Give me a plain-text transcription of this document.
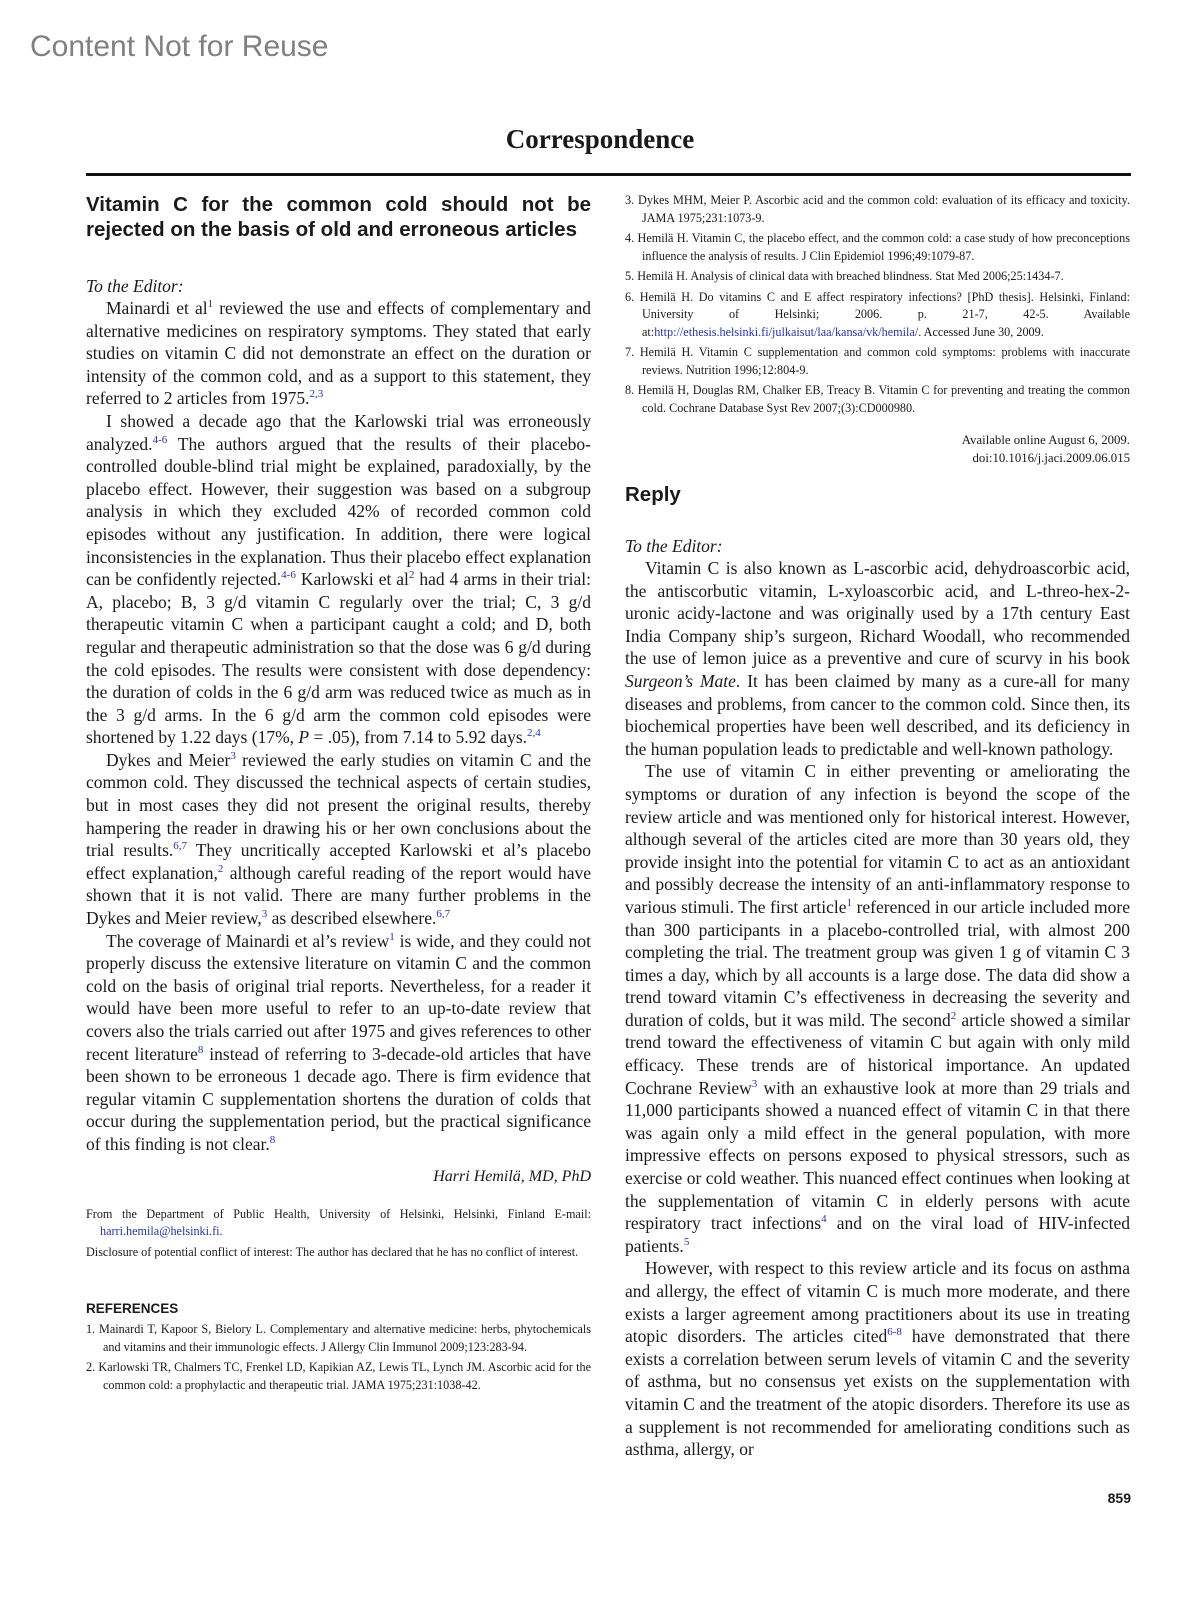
Content Not for Reuse
Correspondence
Vitamin C for the common cold should not be rejected on the basis of old and erroneous articles
To the Editor:

Mainardi et $al^1$ reviewed the use and effects of complementary and alternative medicines on respiratory symptoms. They stated that early studies on vitamin C did not demonstrate an effect on the duration or intensity of the common cold, and as a support to this statement, they referred to 2 articles from 1975.$^{2,3}$

I showed a decade ago that the Karlowski trial was erroneously analyzed.$^{4-6}$ The authors argued that the results of their placebo-controlled double-blind trial might be explained, paradoxially, by the placebo effect. However, their suggestion was based on a subgroup analysis in which they excluded 42% of recorded common cold episodes without any justification. In addition, there were logical inconsistencies in the explanation. Thus their placebo effect explanation can be confidently rejected.$^{4-6}$ Karlowski et $al^2$ had 4 arms in their trial: A, placebo; B, 3 g/d vitamin C regularly over the trial; C, 3 g/d therapeutic vitamin C when a participant caught a cold; and D, both regular and therapeutic administration so that the dose was 6 g/d during the cold episodes. The results were consistent with dose dependency: the duration of colds in the 6 g/d arm was reduced twice as much as in the 3 g/d arms. In the 6 g/d arm the common cold episodes were shortened by 1.22 days (17%, P = .05), from 7.14 to 5.92 days.$^{2,4}$

Dykes and Meier$^3$ reviewed the early studies on vitamin C and the common cold. They discussed the technical aspects of certain studies, but in most cases they did not present the original results, thereby hampering the reader in drawing his or her own conclusions about the trial results.$^{6,7}$ They uncritically accepted Karlowski et al’s placebo effect explanation,$^2$ although careful reading of the report would have shown that it is not valid. There are many further problems in the Dykes and Meier review,$^3$ as described elsewhere.$^{6,7}$

The coverage of Mainardi et al’s review$^1$ is wide, and they could not properly discuss the extensive literature on vitamin C and the common cold on the basis of original trial reports. Nevertheless, for a reader it would have been more useful to refer to an up-to-date review that covers also the trials carried out after 1975 and gives references to other recent literature$^8$ instead of referring to 3-decade-old articles that have been shown to be erroneous 1 decade ago. There is firm evidence that regular vitamin C supplementation shortens the duration of colds that occur during the supplementation period, but the practical significance of this finding is not clear.$^8$

Harri Hemilä, MD, PhD

From the Department of Public Health, University of Helsinki, Helsinki, Finland E-mail: harri.hemila@helsinki.fi.

Disclosure of potential conflict of interest: The author has declared that he has no conflict of interest.

REFERENCES
1. Mainardi T, Kapoor S, Bielory L. Complementary and alternative medicine: herbs, phytochemicals and vitamins and their immunologic effects. J Allergy Clin Immunol 2009;123:283-94.
2. Karlowski TR, Chalmers TC, Frenkel LD, Kapikian AZ, Lewis TL, Lynch JM. Ascorbic acid for the common cold: a prophylactic and therapeutic trial. JAMA 1975;231:1038-42.
3. Dykes MHM, Meier P. Ascorbic acid and the common cold: evaluation of its efficacy and toxicity. JAMA 1975;231:1073-9.
4. Hemilä H. Vitamin C, the placebo effect, and the common cold: a case study of how preconceptions influence the analysis of results. J Clin Epidemiol 1996;49:1079-87.
5. Hemilä H. Analysis of clinical data with breached blindness. Stat Med 2006;25:1434-7.
6. Hemilä H. Do vitamins C and E affect respiratory infections? [PhD thesis]. Helsinki, Finland: University of Helsinki; 2006. p. 21-7, 42-5. Available at:http://ethesis.helsinki.fi/julkaisut/laa/kansa/vk/hemila/. Accessed June 30, 2009.
7. Hemilä H. Vitamin C supplementation and common cold symptoms: problems with inaccurate reviews. Nutrition 1996;12:804-9.
8. Hemilä H, Douglas RM, Chalker EB, Treacy B. Vitamin C for preventing and treating the common cold. Cochrane Database Syst Rev 2007;(3):CD000980.
Available online August 6, 2009.
doi:10.1016/j.jaci.2009.06.015
Reply
To the Editor:

Vitamin C is also known as L-ascorbic acid, dehydroascorbic acid, the antiscorbutic vitamin, L-xyloascorbic acid, and L-threo-hex-2-uronic acidy-lactone and was originally used by a 17th century East India Company ship’s surgeon, Richard Woodall, who recommended the use of lemon juice as a preventive and cure of scurvy in his book Surgeon’s Mate. It has been claimed by many as a cure-all for many diseases and problems, from cancer to the common cold. Since then, its biochemical properties have been well described, and its deficiency in the human population leads to predictable and well-known pathology.

The use of vitamin C in either preventing or ameliorating the symptoms or duration of any infection is beyond the scope of the review article and was mentioned only for historical interest. However, although several of the articles cited are more than 30 years old, they provide insight into the potential for vitamin C to act as an antioxidant and possibly decrease the intensity of an anti-inflammatory response to various stimuli. The first article$^1$ referenced in our article included more than 300 participants in a placebo-controlled trial, with almost 200 completing the trial. The treatment group was given 1 g of vitamin C 3 times a day, which by all accounts is a large dose. The data did show a trend toward vitamin C’s effectiveness in decreasing the severity and duration of colds, but it was mild. The second$^2$ article showed a similar trend toward the effectiveness of vitamin C but again with only mild efficacy. These trends are of historical importance. An updated Cochrane Review$^3$ with an exhaustive look at more than 29 trials and 11,000 participants showed a nuanced effect of vitamin C in that there was again only a mild effect in the general population, with more impressive effects on persons exposed to physical stressors, such as exercise or cold weather. This nuanced effect continues when looking at the supplementation of vitamin C in elderly persons with acute respiratory tract infections$^4$ and on the viral load of HIV-infected patients.$^5$

However, with respect to this review article and its focus on asthma and allergy, the effect of vitamin C is much more moderate, and there exists a larger agreement among practitioners about its use in treating atopic disorders. The articles cited$^{6-8}$ have demonstrated that there exists a correlation between serum levels of vitamin C and the severity of asthma, but no consensus yet exists on the supplementation with vitamin C and the treatment of the atopic disorders. Therefore its use as a supplement is not recommended for ameliorating conditions such as asthma, allergy, or

859
